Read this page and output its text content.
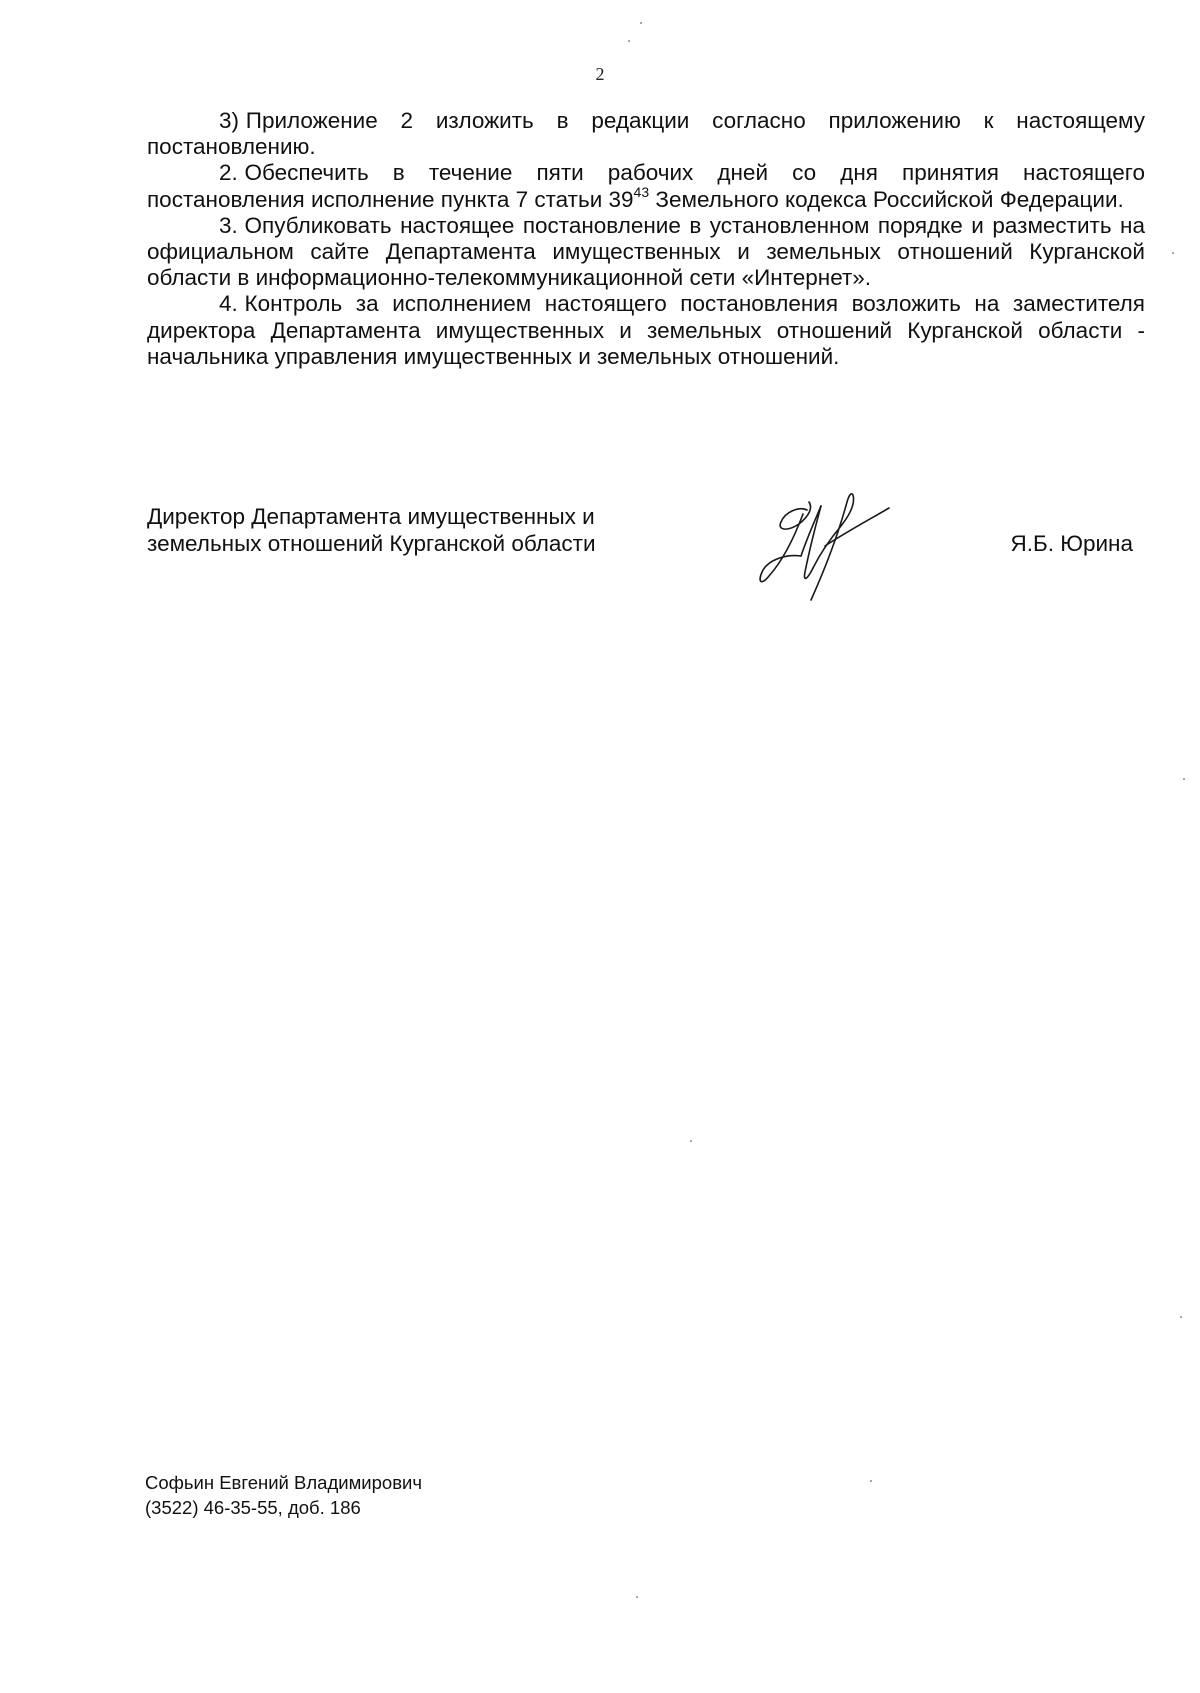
2

3) Приложение 2 изложить в редакции согласно приложению к настоящему постановлению.

2. Обеспечить в течение пяти рабочих дней со дня принятия настоящего постановления исполнение пункта 7 статьи $39^{43}$ Земельного кодекса Российской Федерации.

3. Опубликовать настоящее постановление в установленном порядке и разместить на официальном сайте Департамента имущественных и земельных отношений Курганской области в информационно-телекоммуникационной сети «Интернет».

4. Контроль за исполнением настоящего постановления возложить на заместителя директора Департамента имущественных и земельных отношений Курганской области - начальника управления имущественных и земельных отношений.

Директор Департамента имущественных и
земельных отношений Курганской области	Я.Б. Юрина
Софьин Евгений Владимирович
(3522) 46-35-55, доб. 186
